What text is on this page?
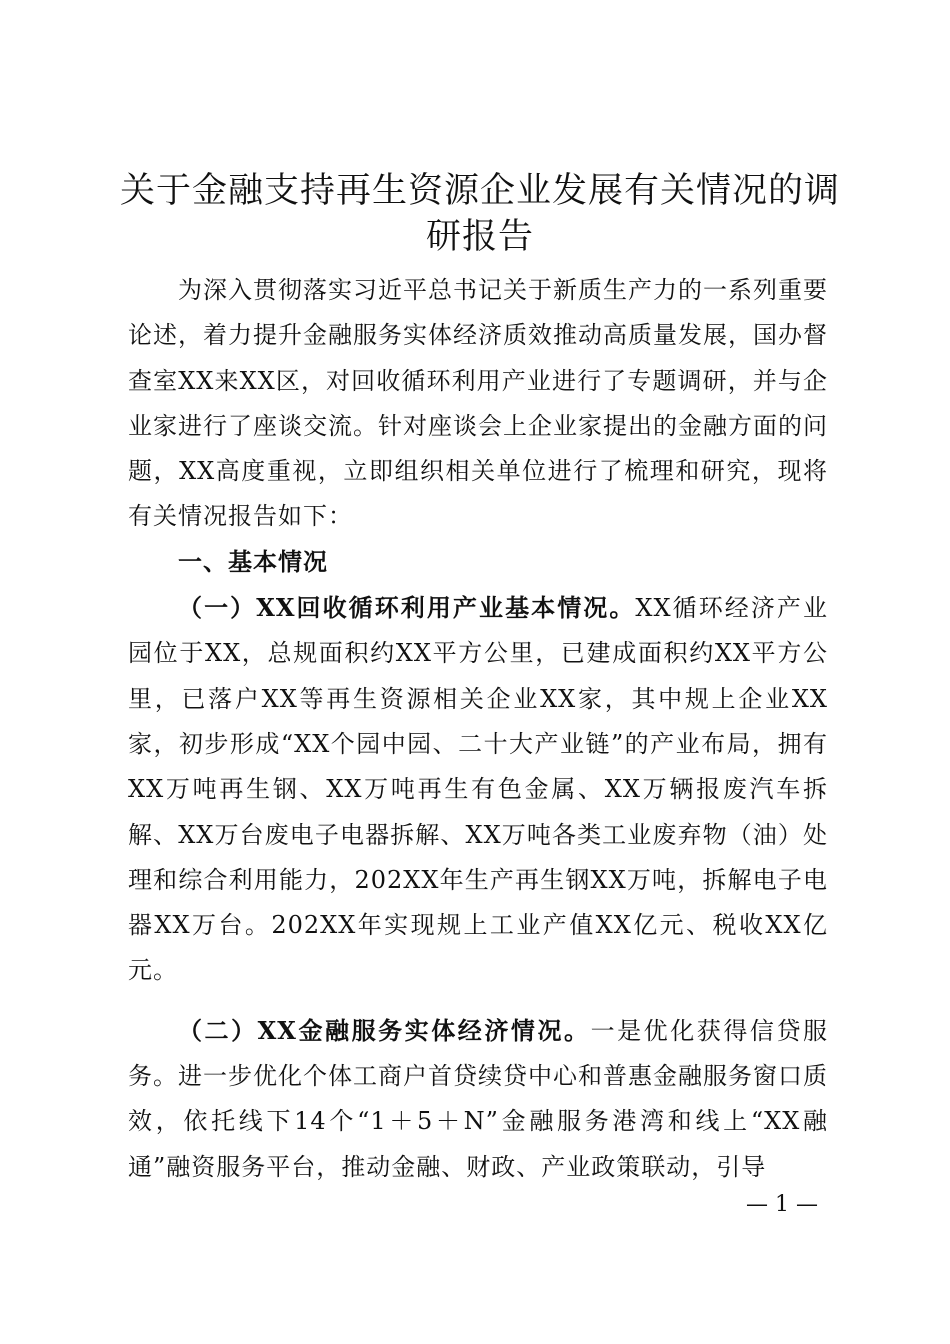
关于金融支持再生资源企业发展有关情况的调研报告

为深入贯彻落实习近平总书记关于新质生产力的一系列重要论述，着力提升金融服务实体经济质效推动高质量发展，国办督查室XX来XX区，对回收循环利用产业进行了专题调研，并与企业家进行了座谈交流。针对座谈会上企业家提出的金融方面的问题，XX高度重视，立即组织相关单位进行了梳理和研究，现将有关情况报告如下：

一、基本情况

（一）XX回收循环利用产业基本情况。XX循环经济产业园位于XX，总规面积约XX平方公里，已建成面积约XX平方公里，已落户XX等再生资源相关企业XX家，其中规上企业XX家，初步形成“XX个园中园、二十大产业链”的产业布局，拥有XX万吨再生钢、XX万吨再生有色金属、XX万辆报废汽车拆解、XX万台废电子电器拆解、XX万吨各类工业废弃物（油）处理和综合利用能力，202XX年生产再生钢XX万吨，拆解电子电器XX万台。202XX年实现规上工业产值XX亿元、税收XX亿元。

（二）XX金融服务实体经济情况。一是优化获得信贷服务。进一步优化个体工商户首贷续贷中心和普惠金融服务窗口质效，依托线下14个“1＋5＋N”金融服务港湾和线上“XX融通”融资服务平台，推动金融、财政、产业政策联动，引导

— 1 —
